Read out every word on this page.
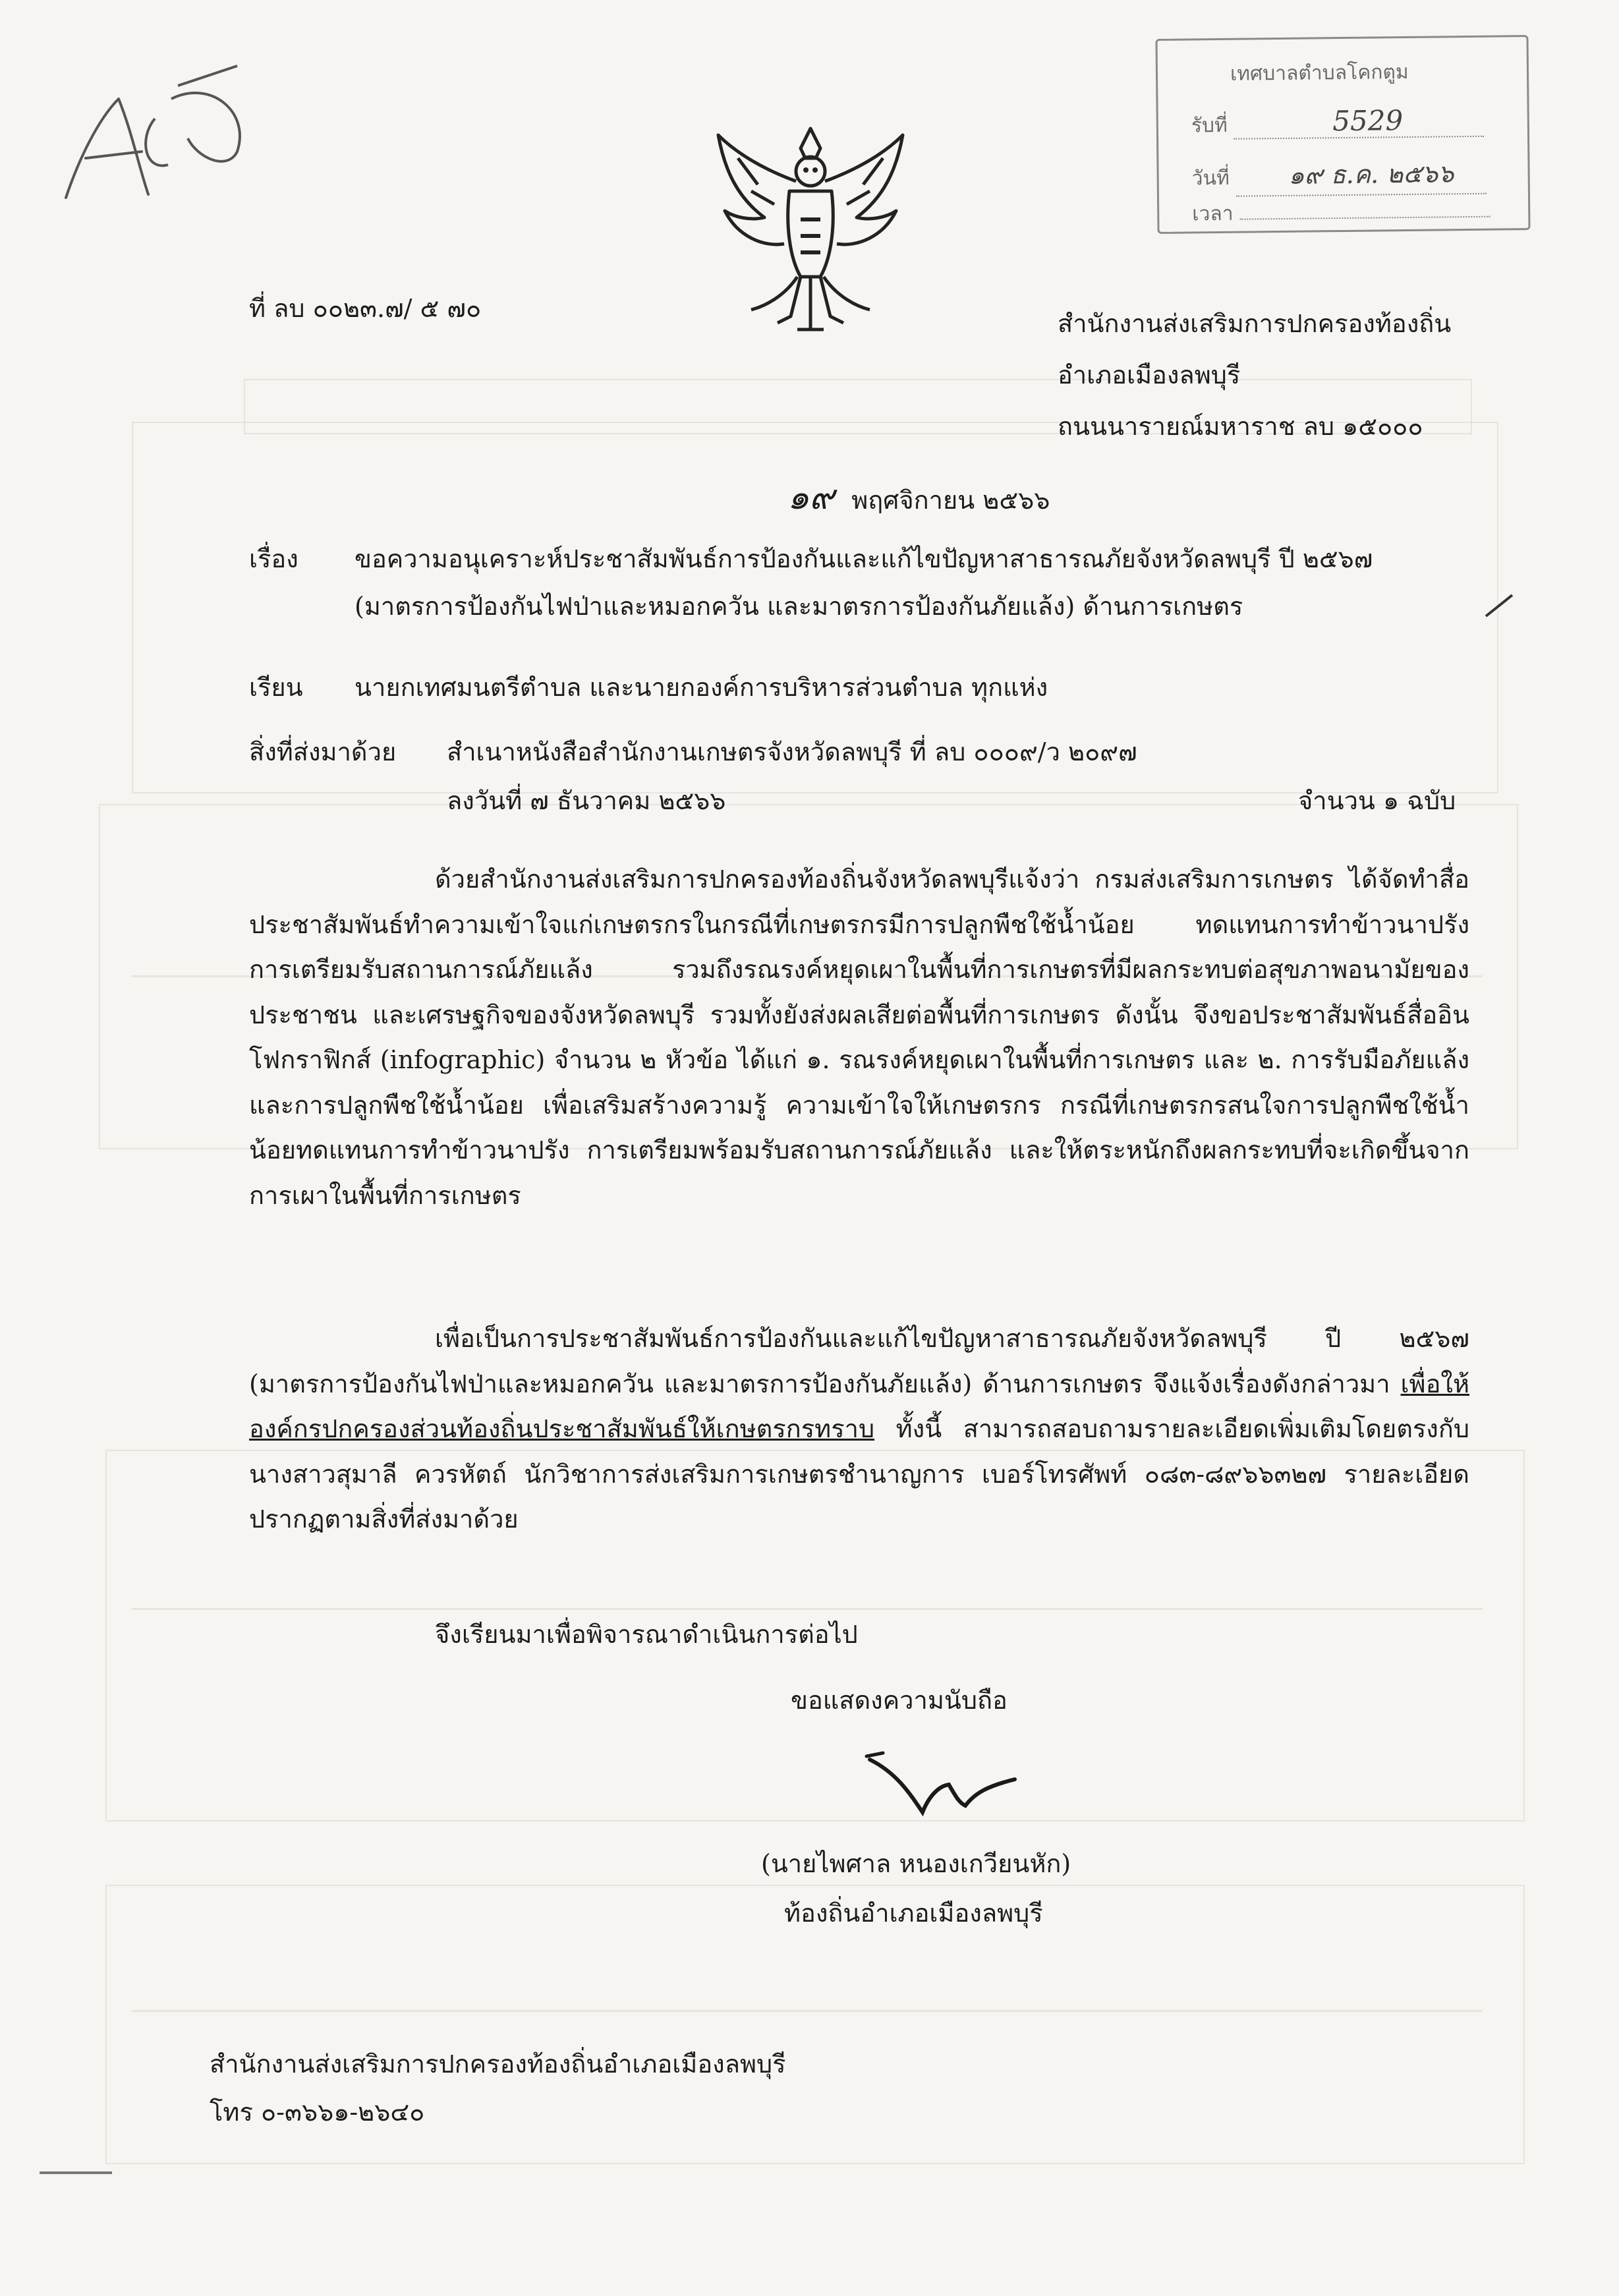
เทศบาลตำบลโคกตูม
รับที่	5529
วันที่ ๑๙ ธ.ค. ๒๕๖๖
เวลา
ที่ ลบ ๐๐๒๓.๗/ ๕ ๗๐
สำนักงานส่งเสริมการปกครองท้องถิ่น
อำเภอเมืองลพบุรี
ถนนนารายณ์มหาราช ลบ ๑๕๐๐๐
๑๙ พฤศจิกายน ๒๕๖๖
เรื่อง ขอความอนุเคราะห์ประชาสัมพันธ์การป้องกันและแก้ไขปัญหาสาธารณภัยจังหวัดลพบุรี ปี ๒๕๖๗
(มาตรการป้องกันไฟป่าและหมอกควัน และมาตรการป้องกันภัยแล้ง) ด้านการเกษตร
เรียน นายกเทศมนตรีตำบล และนายกองค์การบริหารส่วนตำบล ทุกแห่ง
สิ่งที่ส่งมาด้วย สำเนาหนังสือสำนักงานเกษตรจังหวัดลพบุรี ที่ ลบ ๐๐๐๙/ว ๒๐๙๗
ลงวันที่ ๗ ธันวาคม ๒๕๖๖	จำนวน ๑ ฉบับ

ด้วยสำนักงานส่งเสริมการปกครองท้องถิ่นจังหวัดลพบุรีแจ้งว่า กรมส่งเสริมการเกษตร ได้จัดทำสื่อประชาสัมพันธ์ทำความเข้าใจแก่เกษตรกรในกรณีที่เกษตรกรมีการปลูกพืชใช้น้ำน้อย ทดแทนการทำข้าวนาปรัง การเตรียมรับสถานการณ์ภัยแล้ง รวมถึงรณรงค์หยุดเผาในพื้นที่การเกษตรที่มีผลกระทบต่อสุขภาพอนามัยของประชาชน และเศรษฐกิจของจังหวัดลพบุรี รวมทั้งยังส่งผลเสียต่อพื้นที่การเกษตร ดังนั้น จึงขอประชาสัมพันธ์สื่ออินโฟกราฟิกส์ (infographic) จำนวน ๒ หัวข้อ ได้แก่ ๑. รณรงค์หยุดเผาในพื้นที่การเกษตร และ ๒. การรับมือภัยแล้งและการปลูกพืชใช้น้ำน้อย เพื่อเสริมสร้างความรู้ ความเข้าใจให้เกษตรกร กรณีที่เกษตรกรสนใจการปลูกพืชใช้น้ำน้อยทดแทนการทำข้าวนาปรัง การเตรียมพร้อมรับสถานการณ์ภัยแล้ง และให้ตระหนักถึงผลกระทบที่จะเกิดขึ้นจากการเผาในพื้นที่การเกษตร

เพื่อเป็นการประชาสัมพันธ์การป้องกันและแก้ไขปัญหาสาธารณภัยจังหวัดลพบุรี ปี ๒๕๖๗ (มาตรการป้องกันไฟป่าและหมอกควัน และมาตรการป้องกันภัยแล้ง) ด้านการเกษตร จึงแจ้งเรื่องดังกล่าวมา เพื่อให้องค์กรปกครองส่วนท้องถิ่นประชาสัมพันธ์ให้เกษตรกรทราบ ทั้งนี้ สามารถสอบถามรายละเอียดเพิ่มเติมโดยตรงกับนางสาวสุมาลี ควรหัตถ์ นักวิชาการส่งเสริมการเกษตรชำนาญการ เบอร์โทรศัพท์ ๐๘๓-๘๙๖๖๓๒๗ รายละเอียดปรากฏตามสิ่งที่ส่งมาด้วย

จึงเรียนมาเพื่อพิจารณาดำเนินการต่อไป
ขอแสดงความนับถือ
(นายไพศาล หนองเกวียนหัก)
ท้องถิ่นอำเภอเมืองลพบุรี
สำนักงานส่งเสริมการปกครองท้องถิ่นอำเภอเมืองลพบุรี
โทร ๐-๓๖๖๑-๒๖๔๐
